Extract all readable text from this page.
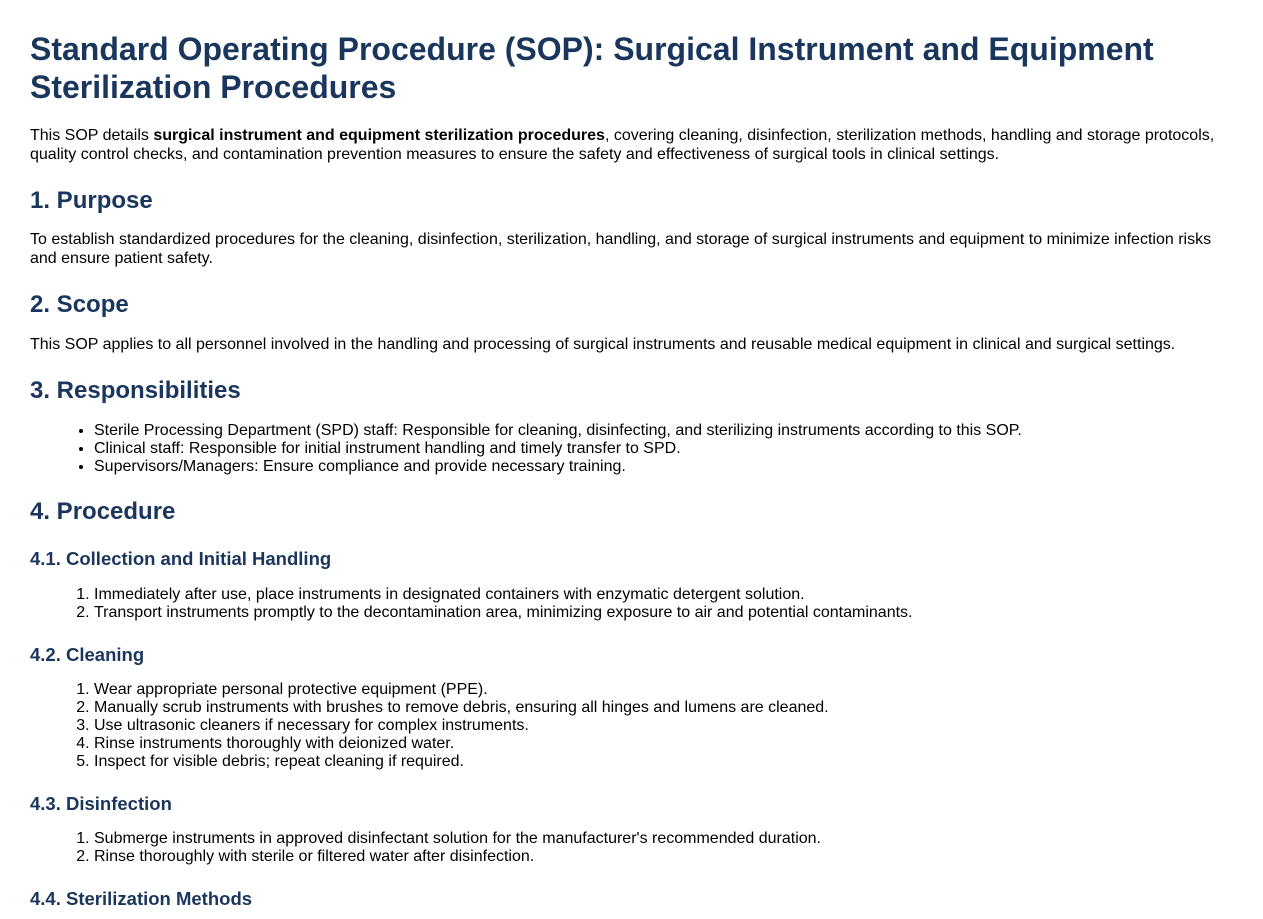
Standard Operating Procedure (SOP): Surgical Instrument and Equipment Sterilization Procedures

This SOP details surgical instrument and equipment sterilization procedures, covering cleaning, disinfection, sterilization methods, handling and storage protocols, quality control checks, and contamination prevention measures to ensure the safety and effectiveness of surgical tools in clinical settings.

1. Purpose

To establish standardized procedures for the cleaning, disinfection, sterilization, handling, and storage of surgical instruments and equipment to minimize infection risks and ensure patient safety.

2. Scope

This SOP applies to all personnel involved in the handling and processing of surgical instruments and reusable medical equipment in clinical and surgical settings.

3. Responsibilities
• Sterile Processing Department (SPD) staff: Responsible for cleaning, disinfecting, and sterilizing instruments according to this SOP.
• Clinical staff: Responsible for initial instrument handling and timely transfer to SPD.
• Supervisors/Managers: Ensure compliance and provide necessary training.
4. Procedure
4.1. Collection and Initial Handling
1. Immediately after use, place instruments in designated containers with enzymatic detergent solution.
2. Transport instruments promptly to the decontamination area, minimizing exposure to air and potential contaminants.
4.2. Cleaning
1. Wear appropriate personal protective equipment (PPE).
2. Manually scrub instruments with brushes to remove debris, ensuring all hinges and lumens are cleaned.
3. Use ultrasonic cleaners if necessary for complex instruments.
4. Rinse instruments thoroughly with deionized water.
5. Inspect for visible debris; repeat cleaning if required.
4.3. Disinfection
1. Submerge instruments in approved disinfectant solution for the manufacturer's recommended duration.
2. Rinse thoroughly with sterile or filtered water after disinfection.
4.4. Sterilization Methods
